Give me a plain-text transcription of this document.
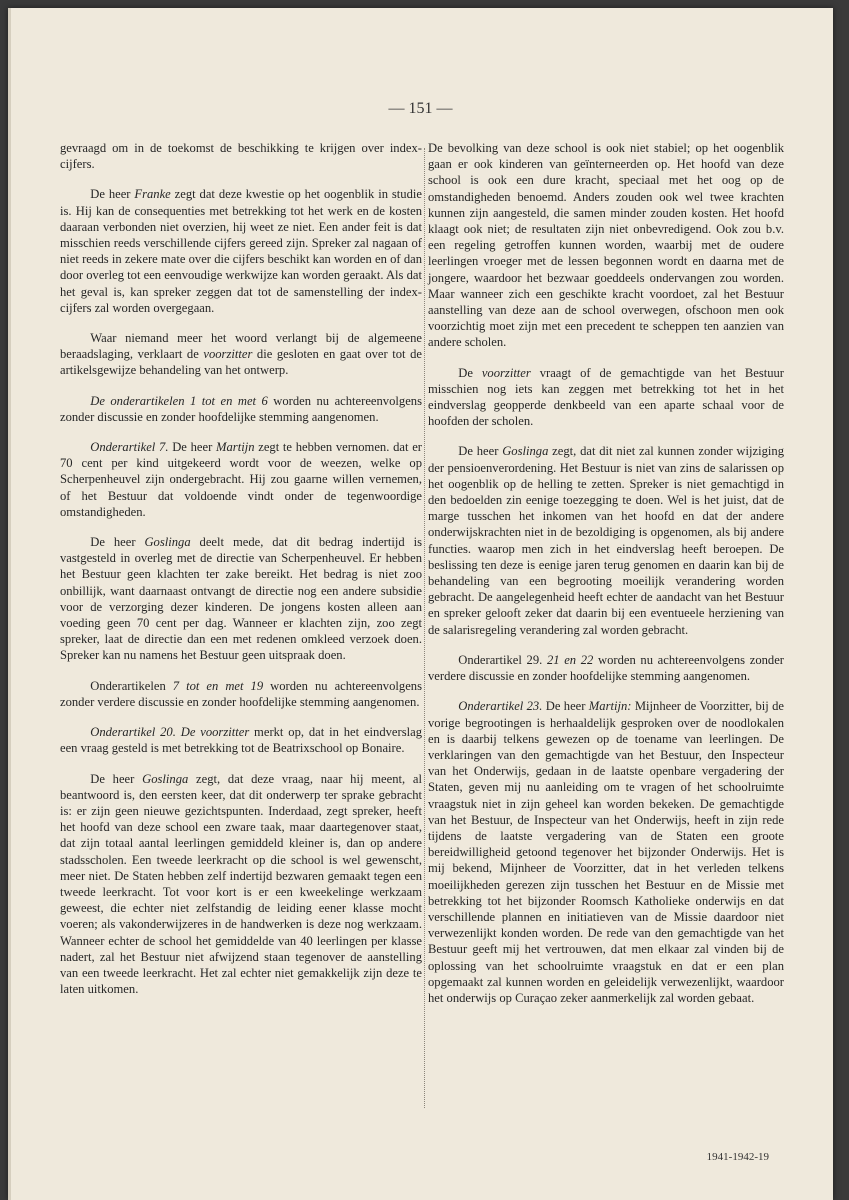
— 151 —

gevraagd om in de toekomst de beschikking te krijgen over index-cijfers.

De heer Franke zegt dat deze kwestie op het oogenblik in studie is. Hij kan de consequenties met betrekking tot het werk en de kosten daaraan verbonden niet overzien, hij weet ze niet. Een ander feit is dat misschien reeds verschillende cijfers gereed zijn. Spreker zal nagaan of niet reeds in zekere mate over die cijfers beschikt kan worden en of dan door overleg tot een eenvoudige werkwijze kan worden geraakt. Als dat het geval is, kan spreker zeggen dat tot de samenstelling der index-cijfers zal worden overgegaan.

Waar niemand meer het woord verlangt bij de algemeene beraadslaging, verklaart de voorzitter die gesloten en gaat over tot de artikelsgewijze behandeling van het ontwerp.

De onderartikelen 1 tot en met 6 worden nu achtereenvolgens zonder discussie en zonder hoofdelijke stemming aangenomen.

Onderartikel 7. De heer Martijn zegt te hebben vernomen. dat er 70 cent per kind uitgekeerd wordt voor de weezen, welke op Scherpenheuvel zijn ondergebracht. Hij zou gaarne willen vernemen, of het Bestuur dat voldoende vindt onder de tegenwoordige omstandigheden.

De heer Goslinga deelt mede, dat dit bedrag indertijd is vastgesteld in overleg met de directie van Scherpenheuvel. Er hebben het Bestuur geen klachten ter zake bereikt. Het bedrag is niet zoo onbillijk, want daarnaast ontvangt de directie nog een andere subsidie voor de verzorging dezer kinderen. De jongens kosten alleen aan voeding geen 70 cent per dag. Wanneer er klachten zijn, zoo zegt spreker, laat de directie dan een met redenen omkleed verzoek doen. Spreker kan nu namens het Bestuur geen uitspraak doen.

Onderartikelen 7 tot en met 19 worden nu achtereenvolgens zonder verdere discussie en zonder hoofdelijke stemming aangenomen.

Onderartikel 20. De voorzitter merkt op, dat in het eindverslag een vraag gesteld is met betrekking tot de Beatrixschool op Bonaire.

De heer Goslinga zegt, dat deze vraag, naar hij meent, al beantwoord is, den eersten keer, dat dit onderwerp ter sprake gebracht is: er zijn geen nieuwe gezichtspunten. Inderdaad, zegt spreker, heeft het hoofd van deze school een zware taak, maar daartegenover staat, dat zijn totaal aantal leerlingen gemiddeld kleiner is, dan op andere stadsscholen. Een tweede leerkracht op die school is wel gewenscht, meer niet. De Staten hebben zelf indertijd bezwaren gemaakt tegen een tweede leerkracht. Tot voor kort is er een kweekelinge werkzaam geweest, die echter niet zelfstandig de leiding eener klasse mocht voeren; als vakonderwijzeres in de handwerken is deze nog werkzaam. Wanneer echter de school het gemiddelde van 40 leerlingen per klasse nadert, zal het Bestuur niet afwijzend staan tegenover de aanstelling van een tweede leerkracht. Het zal echter niet gemakkelijk zijn deze te laten uitkomen.

De bevolking van deze school is ook niet stabiel; op het oogenblik gaan er ook kinderen van geïnterneerden op. Het hoofd van deze school is ook een dure kracht, speciaal met het oog op de omstandigheden benoemd. Anders zouden ook wel twee krachten kunnen zijn aangesteld, die samen minder zouden kosten. Het hoofd klaagt ook niet; de resultaten zijn niet onbevredigend. Ook zou b.v. een regeling getroffen kunnen worden, waarbij met de oudere leerlingen vroeger met de lessen begonnen wordt en daarna met de jongere, waardoor het bezwaar goeddeels ondervangen zou worden. Maar wanneer zich een geschikte kracht voordoet, zal het Bestuur aanstelling van deze aan de school overwegen, ofschoon men ook voorzichtig moet zijn met een precedent te scheppen ten aanzien van andere scholen.

De voorzitter vraagt of de gemachtigde van het Bestuur misschien nog iets kan zeggen met betrekking tot het in het eindverslag geopperde denkbeeld van een aparte schaal voor de hoofden der scholen.

De heer Goslinga zegt, dat dit niet zal kunnen zonder wijziging der pensioenverordening. Het Bestuur is niet van zins de salarissen op het oogenblik op de helling te zetten. Spreker is niet gemachtigd in den bedoelden zin eenige toezegging te doen. Wel is het juist, dat de marge tusschen het inkomen van het hoofd en dat der andere onderwijskrachten niet in de bezoldiging is opgenomen, als bij andere functies. waarop men zich in het eindverslag heeft beroepen. De beslissing ten deze is eenige jaren terug genomen en daarin kan bij de behandeling van een begrooting moeilijk verandering worden gebracht. De aangelegenheid heeft echter de aandacht van het Bestuur en spreker gelooft zeker dat daarin bij een eventueele herziening van de salarisregeling verandering zal worden gebracht.

Onderartikel 29. 21 en 22 worden nu achtereenvolgens zonder verdere discussie en zonder hoofdelijke stemming aangenomen.

Onderartikel 23. De heer Martijn: Mijnheer de Voorzitter, bij de vorige begrootingen is herhaaldelijk gesproken over de noodlokalen en is daarbij telkens gewezen op de toename van leerlingen. De verklaringen van den gemachtigde van het Bestuur, den Inspecteur van het Onderwijs, gedaan in de laatste openbare vergadering der Staten, geven mij nu aanleiding om te vragen of het schoolruimte vraagstuk niet in zijn geheel kan worden bekeken. De gemachtigde van het Bestuur, de Inspecteur van het Onderwijs, heeft in zijn rede tijdens de laatste vergadering van de Staten een groote bereidwilligheid getoond tegenover het bijzonder Onderwijs. Het is mij bekend, Mijnheer de Voorzitter, dat in het verleden telkens moeilijkheden gerezen zijn tusschen het Bestuur en de Missie met betrekking tot het bijzonder Roomsch Katholieke onderwijs en dat verschillende plannen en initiatieven van de Missie daardoor niet verwezenlijkt konden worden. De rede van den gemachtigde van het Bestuur geeft mij het vertrouwen, dat men elkaar zal vinden bij de oplossing van het schoolruimte vraagstuk en dat er een plan opgemaakt zal kunnen worden en geleidelijk verwezenlijkt, waardoor het onderwijs op Curaçao zeker aanmerkelijk zal worden gebaat.

1941-1942-19
